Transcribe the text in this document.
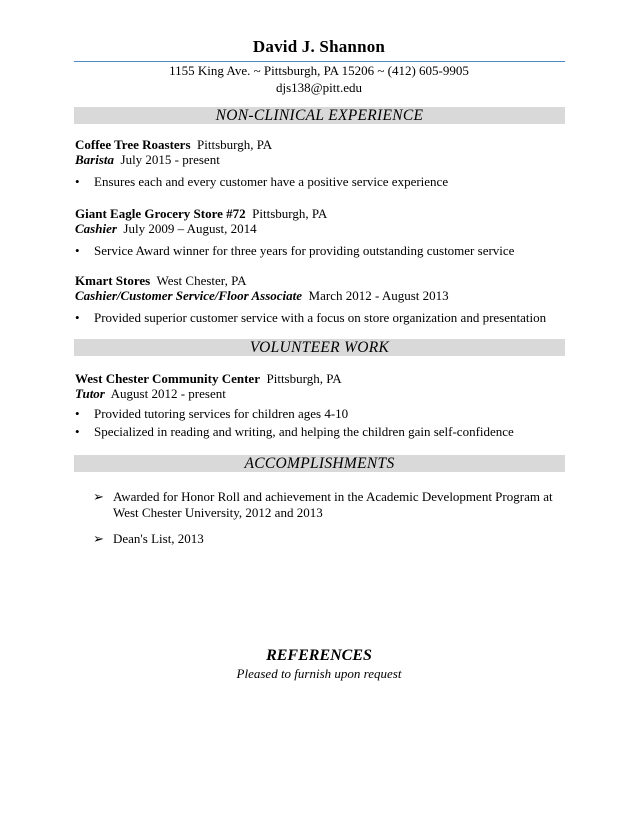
David J. Shannon
1155 King Ave. ~ Pittsburgh, PA 15206 ~ (412) 605-9905
djs138@pitt.edu
NON-CLINICAL EXPERIENCE
Coffee Tree Roasters Pittsburgh, PA
Barista July 2015 - present
• Ensures each and every customer have a positive service experience
Giant Eagle Grocery Store #72 Pittsburgh, PA
Cashier July 2009 – August, 2014
• Service Award winner for three years for providing outstanding customer service
Kmart Stores West Chester, PA
Cashier/Customer Service/Floor Associate March 2012 - August 2013
• Provided superior customer service with a focus on store organization and presentation
VOLUNTEER WORK
West Chester Community Center Pittsburgh, PA
Tutor August 2012 - present
• Provided tutoring services for children ages 4-10
• Specialized in reading and writing, and helping the children gain self-confidence
ACCOMPLISHMENTS
➢ Awarded for Honor Roll and achievement in the Academic Development Program at West Chester University, 2012 and 2013
➢ Dean's List, 2013
REFERENCES
Pleased to furnish upon request
